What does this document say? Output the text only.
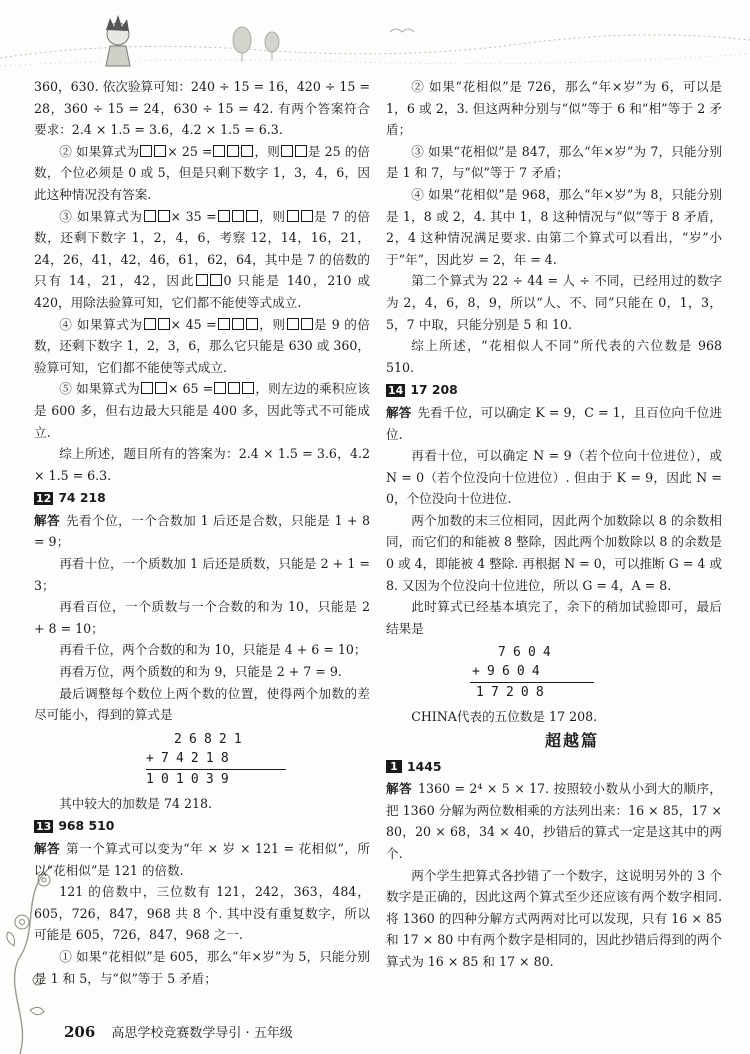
360，630. 依次验算可知：240 ÷ 15 = 16，420 ÷ 15 = 28，360 ÷ 15 = 24，630 ÷ 15 = 42. 有两个答案符合要求：2.4 × 1.5 = 3.6，4.2 × 1.5 = 6.3.

② 如果算式为 × 25 =	，则 是 25 的倍数，个位必须是 0 或 5，但是只剩下数字 1，3，4，6，因此这种情况没有答案.

③ 如果算式为 × 35 =	，则 是 7 的倍数，还剩下数字 1，2，4，6，考察 12，14，16，21，24，26，41，42，46，61，62，64，其中是 7 的倍数的只有 14，21，42，因此 0 只能是 140，210 或 420，用除法验算可知，它们都不能使等式成立.

④ 如果算式为 × 45 =	，则 是 9 的倍数，还剩下数字 1，2，3，6，那么它只能是 630 或 360，验算可知，它们都不能使等式成立.

⑤ 如果算式为 × 65 =	，则左边的乘积应该是 600 多，但右边最大只能是 400 多，因此等式不可能成立.

综上所述，题目所有的答案为：2.4 × 1.5 = 3.6，4.2 × 1.5 = 6.3.

12 74 218

解答 先看个位，一个合数加 1 后还是合数，只能是 1 + 8 = 9；

再看十位，一个质数加 1 后还是质数，只能是 2 + 1 = 3；

再看百位，一个质数与一个合数的和为 10，只能是 2 + 8 = 10；

再看千位，两个合数的和为 10，只能是 4 + 6 = 10；

再看万位，两个质数的和为 9，只能是 2 + 7 = 9.

最后调整每个数位上两个数的位置，使得两个加数的差尽可能小，得到的算式是

26821
+74218
101039

其中较大的加数是 74 218.

13 968 510

解答 第一个算式可以变为“年 × 岁 × 121 = 花相似”，所以“花相似”是 121 的倍数.

121 的倍数中，三位数有 121，242，363，484，605，726，847，968 共 8 个. 其中没有重复数字，所以可能是 605，726，847，968 之一.

① 如果“花相似”是 605，那么“年×岁”为 5，只能分别是 1 和 5，与“似”等于 5 矛盾；

② 如果“花相似”是 726，那么“年×岁”为 6，可以是 1，6 或 2，3. 但这两种分别与“似”等于 6 和“相”等于 2 矛盾；

③ 如果“花相似”是 847，那么“年×岁”为 7，只能分别是 1 和 7，与“似”等于 7 矛盾；

④ 如果“花相似”是 968，那么“年×岁”为 8，只能分别是 1，8 或 2，4. 其中 1，8 这种情况与“似”等于 8 矛盾，2，4 这种情况满足要求. 由第二个算式可以看出，“岁”小于“年”，因此岁 = 2，年 = 4.

第二个算式为 22 ÷ 44 = 人 ÷ 不同，已经用过的数字为 2，4，6，8，9，所以“人、不、同”只能在 0，1，3，5，7 中取，只能分别是 5 和 10.

综上所述，“花相似人不同”所代表的六位数是 968 510.

14 17 208

解答 先看千位，可以确定 K = 9，C = 1，且百位向千位进位.

再看十位，可以确定 N = 9（若个位向十位进位），或 N = 0（若个位没向十位进位）. 但由于 K = 9，因此 N = 0，个位没向十位进位.

两个加数的末三位相同，因此两个加数除以 8 的余数相同，而它们的和能被 8 整除，因此两个加数除以 8 的余数是 0 或 4，即能被 4 整除. 再根据 N = 0，可以推断 G = 4 或 8. 又因为个位没向十位进位，所以 G = 4，A = 8.

此时算式已经基本填完了，余下的稍加试验即可，最后结果是

7604
+9604
17208

CHINA代表的五位数是 17 208.

超越篇
1 1445

解答 1360 = 2⁴ × 5 × 17. 按照较小数从小到大的顺序，把 1360 分解为两位数相乘的方法列出来：16 × 85，17 × 80，20 × 68，34 × 40，抄错后的算式一定是这其中的两个.

两个学生把算式各抄错了一个数字，这说明另外的 3 个数字是正确的，因此这两个算式至少还应该有两个数字相同. 将 1360 的四种分解方式两两对比可以发现，只有 16 × 85 和 17 × 80 中有两个数字是相同的，因此抄错后得到的两个算式为 16 × 85 和 17 × 80.

206 高思学校竞赛数学导引 · 五年级
